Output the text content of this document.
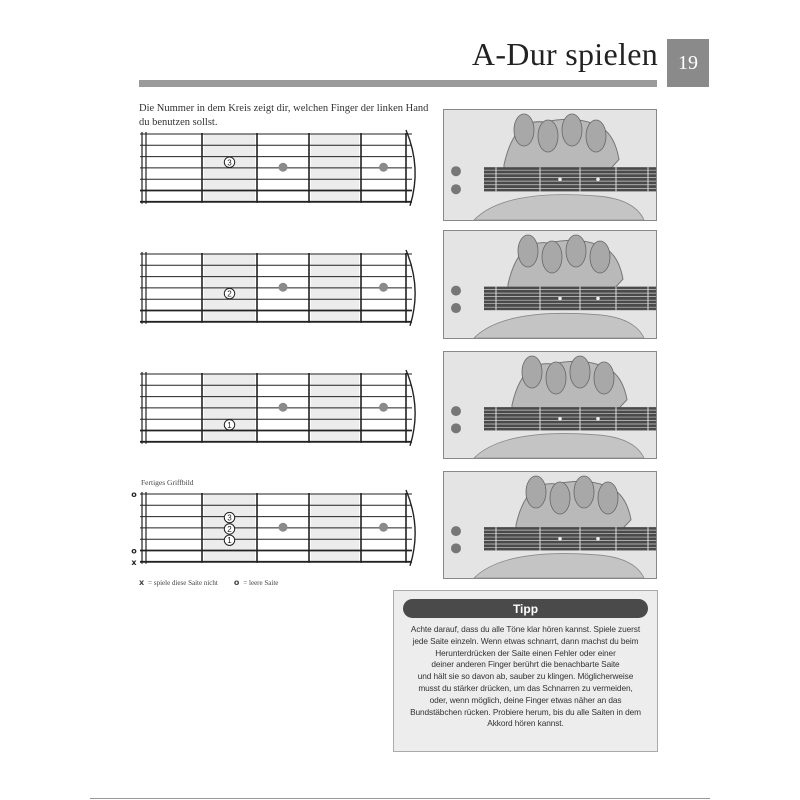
A-Dur spielen	19
Die Nummer in dem Kreis zeigt dir, welchen Finger der linken Hand du benutzen sollst.
3
2
1
Fertiges Griffbild
3
2
1
o
o
x
x = spiele diese Saite nicht o = leere Saite
Tipp
Achte darauf, dass du alle Töne klar hören kannst. Spiele zuerst
jede Saite einzeln. Wenn etwas schnarrt, dann machst du beim
Herunterdrücken der Saite einen Fehler oder einer
deiner anderen Finger berührt die benachbarte Saite
und hält sie so davon ab, sauber zu klingen. Möglicherweise
musst du stärker drücken, um das Schnarren zu vermeiden,
oder, wenn möglich, deine Finger etwas näher an das
Bundstäbchen rücken. Probiere herum, bis du alle Saiten in dem
Akkord hören kannst.
